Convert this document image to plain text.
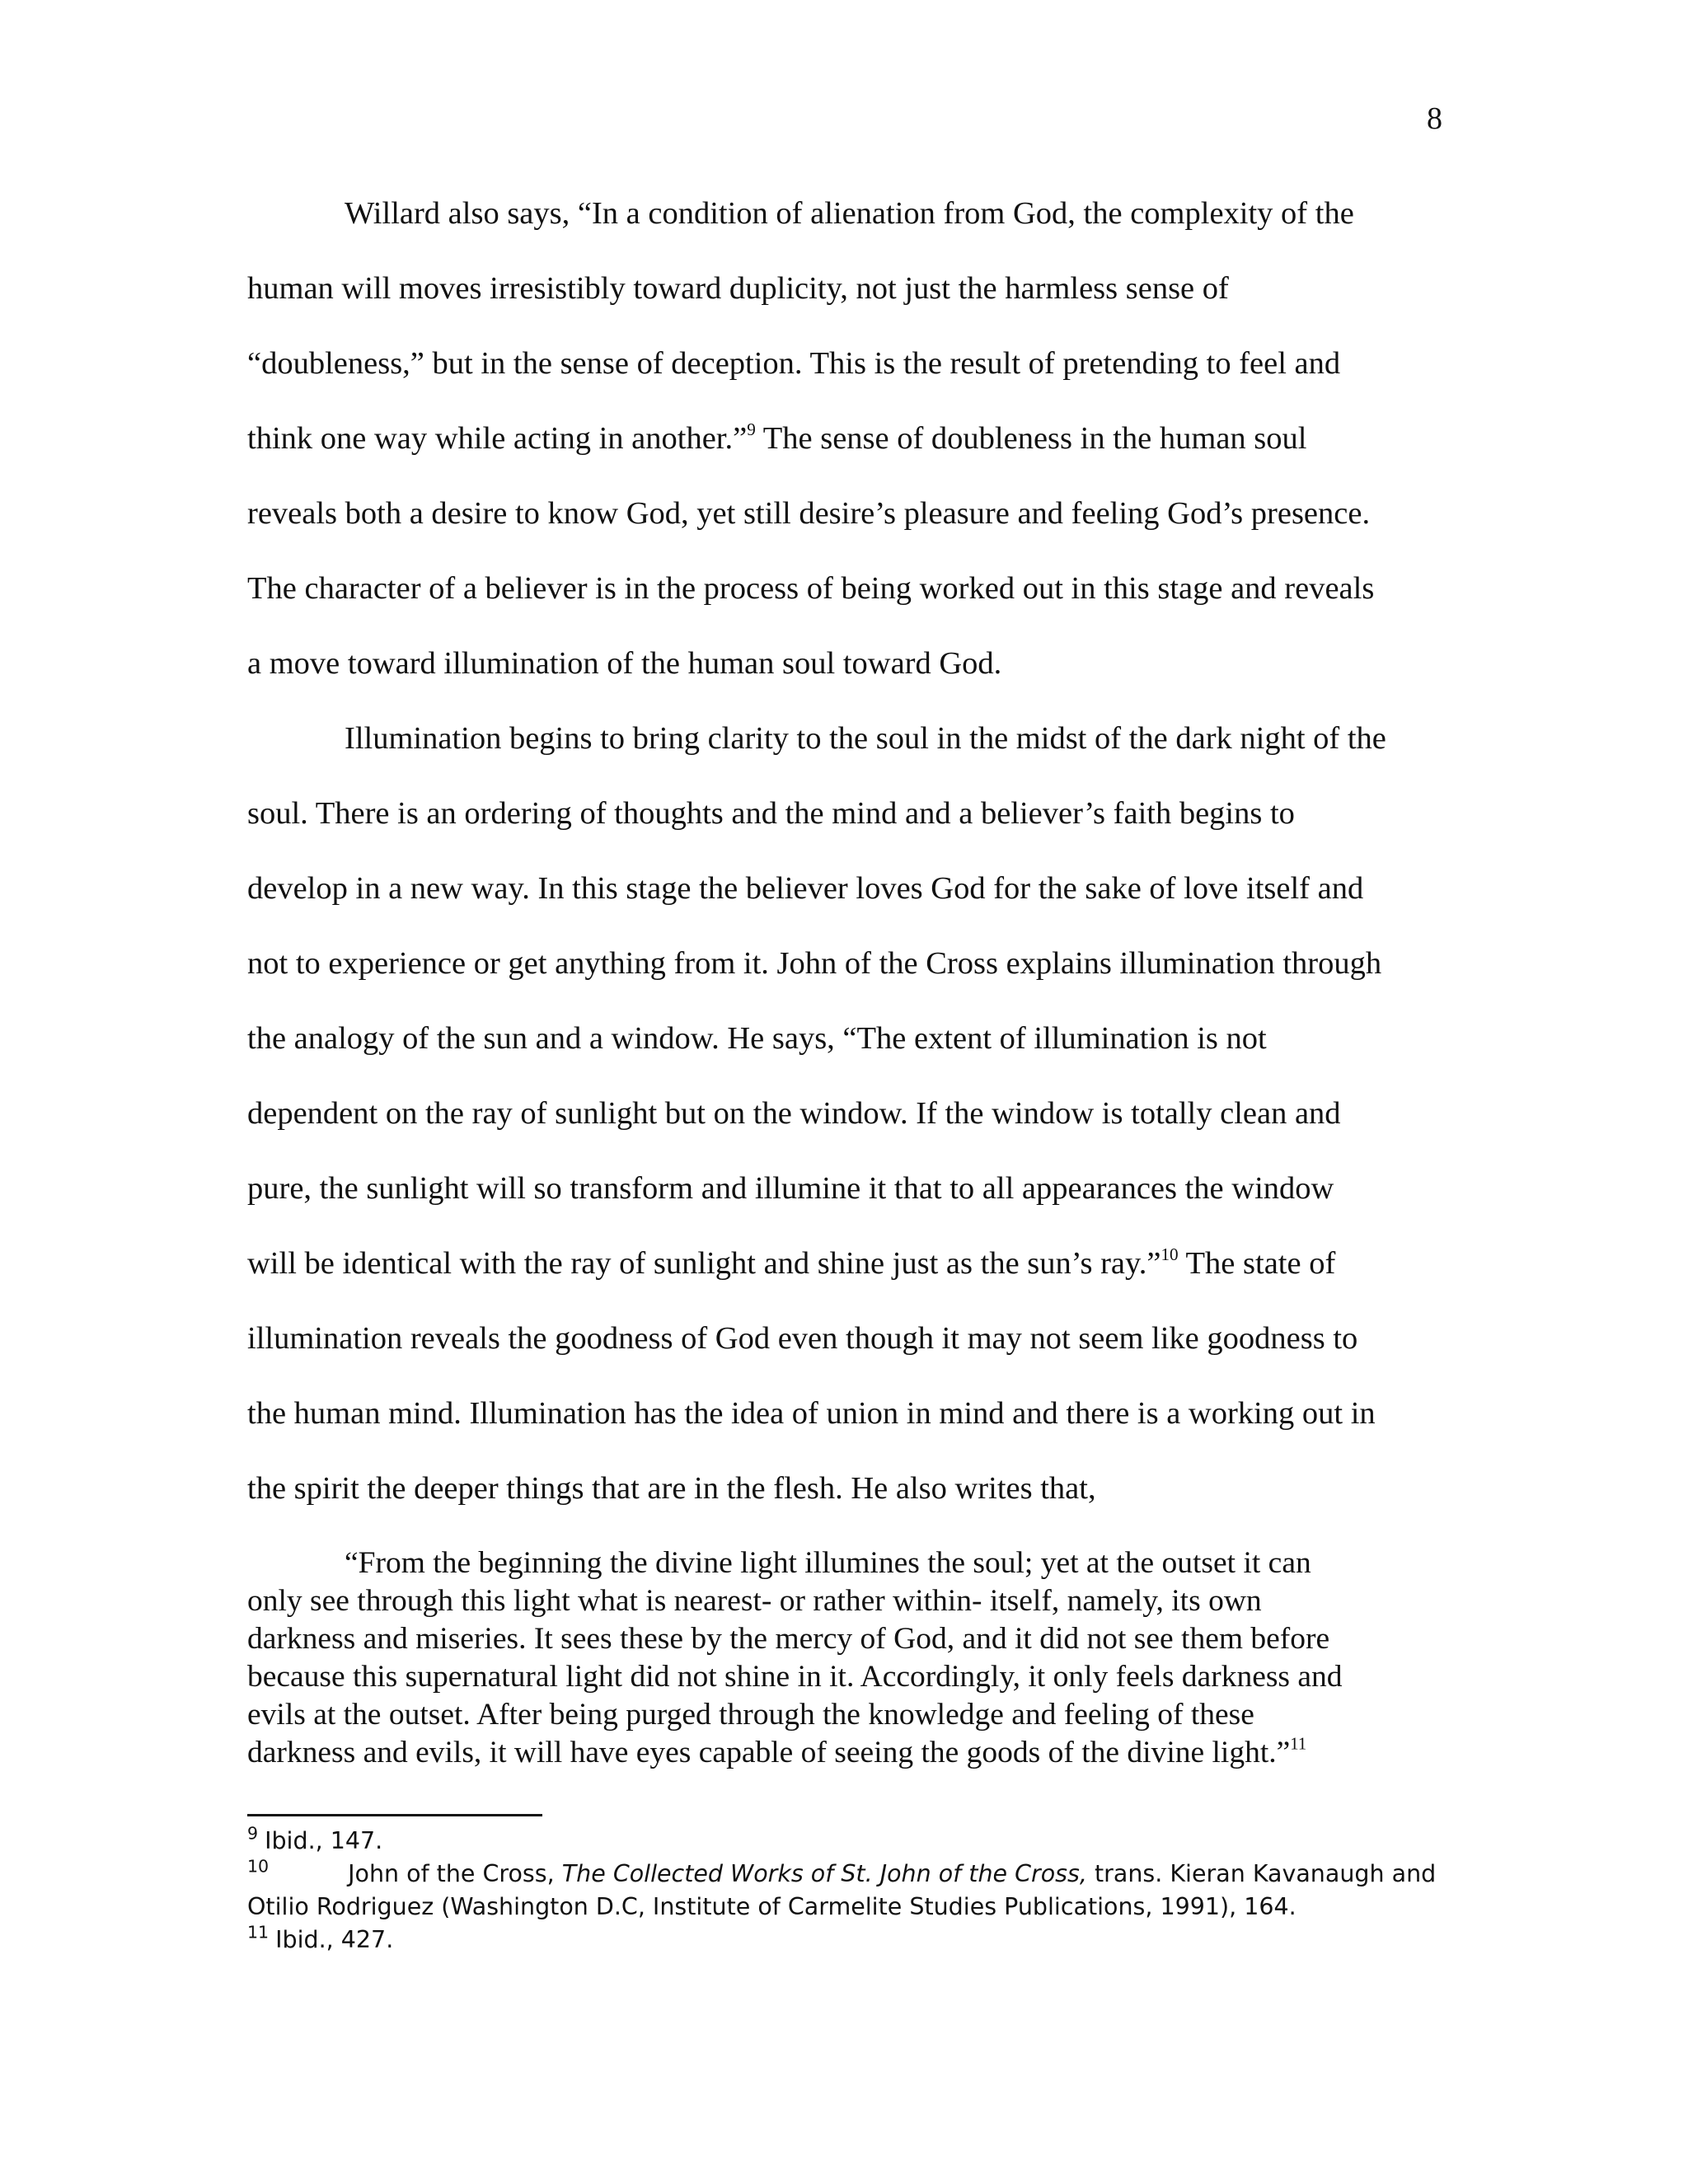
8
Willard also says, “In a condition of alienation from God, the complexity of the
human will moves irresistibly toward duplicity, not just the harmless sense of
“doubleness,” but in the sense of deception. This is the result of pretending to feel and
think one way while acting in another.”$^9$ The sense of doubleness in the human soul
reveals both a desire to know God, yet still desire’s pleasure and feeling God’s presence.
The character of a believer is in the process of being worked out in this stage and reveals
a move toward illumination of the human soul toward God.
Illumination begins to bring clarity to the soul in the midst of the dark night of the
soul. There is an ordering of thoughts and the mind and a believer’s faith begins to
develop in a new way. In this stage the believer loves God for the sake of love itself and
not to experience or get anything from it. John of the Cross explains illumination through
the analogy of the sun and a window. He says, “The extent of illumination is not
dependent on the ray of sunlight but on the window. If the window is totally clean and
pure, the sunlight will so transform and illumine it that to all appearances the window
will be identical with the ray of sunlight and shine just as the sun’s ray.”$^{10}$ The state of
illumination reveals the goodness of God even though it may not seem like goodness to
the human mind. Illumination has the idea of union in mind and there is a working out in
the spirit the deeper things that are in the flesh. He also writes that,
“From the beginning the divine light illumines the soul; yet at the outset it can
only see through this light what is nearest- or rather within- itself, namely, its own
darkness and miseries. It sees these by the mercy of God, and it did not see them before
because this supernatural light did not shine in it. Accordingly, it only feels darkness and
evils at the outset. After being purged through the knowledge and feeling of these
darkness and evils, it will have eyes capable of seeing the goods of the divine light.”$^{11}$
$^9$ Ibid., 147.
$^{10}$	John of the Cross, The Collected Works of St. John of the Cross, trans. Kieran Kavanaugh and
Otilio Rodriguez (Washington D.C, Institute of Carmelite Studies Publications, 1991), 164.
$^{11}$ Ibid., 427.
